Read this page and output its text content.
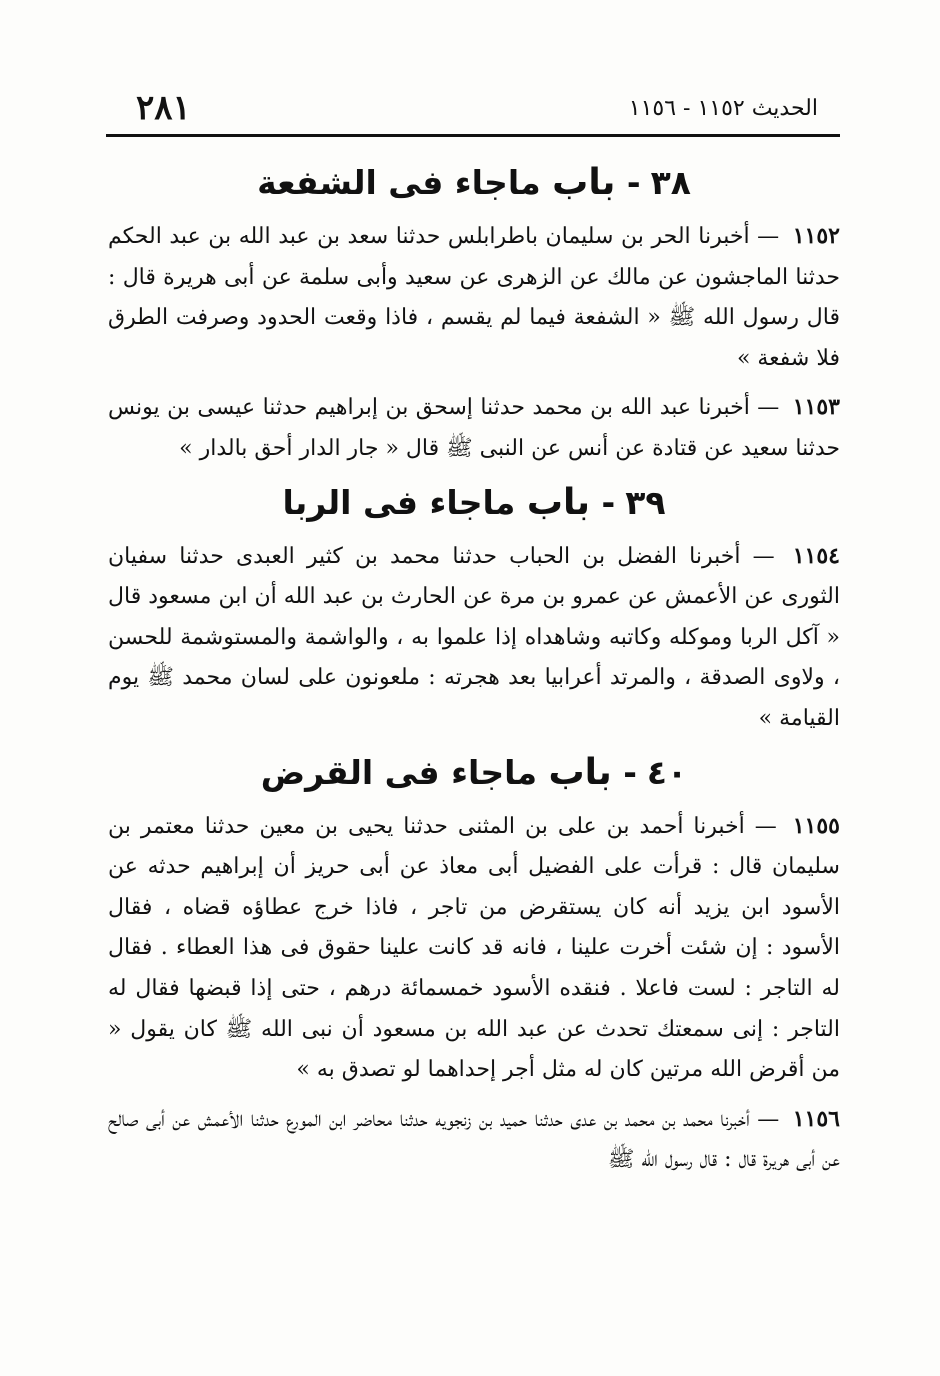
٢٨١	الحديث ١١٥٢ - ١١٥٦
٣٨- باب ماجاء فى الشفعة

١١٥٢ — أخبرنا الحر بن سليمان باطرابلس حدثنا سعد بن عبد الله بن عبد الحكم حدثنا الماجشون عن مالك عن الزهرى عن سعيد وأبى سلمة عن أبى هريرة قال : قال رسول الله ﷺ « الشفعة فيما لم يقسم ، فاذا وقعت الحدود وصرفت الطرق فلا شفعة »

١١٥٣ — أخبرنا عبد الله بن محمد حدثنا إسحق بن إبراهيم حدثنا عيسى بن يونس حدثنا سعيد عن قتادة عن أنس عن النبى ﷺ قال « جار الدار أحق بالدار »

٣٩- باب ماجاء فى الربا

١١٥٤ — أخبرنا الفضل بن الحباب حدثنا محمد بن كثير العبدى حدثنا سفيان الثورى عن الأعمش عن عمرو بن مرة عن الحارث بن عبد الله أن ابن مسعود قال « آكل الربا وموكله وكاتبه وشاهداه إذا علموا به ، والواشمة والمستوشمة للحسن ، ولاوى الصدقة ، والمرتد أعرابيا بعد هجرته : ملعونون على لسان محمد ﷺ يوم القيامة »

٤٠- باب ماجاء فى القرض

١١٥٥ — أخبرنا أحمد بن على بن المثنى حدثنا يحيى بن معين حدثنا معتمر بن سليمان قال : قرأت على الفضيل أبى معاذ عن أبى حريز أن إبراهيم حدثه عن الأسود ابن يزيد أنه كان يستقرض من تاجر ، فاذا خرج عطاؤه قضاه ، فقال الأسود : إن شئت أخرت علينا ، فانه قد كانت علينا حقوق فى هذا العطاء . فقال له التاجر : لست فاعلا . فنقده الأسود خمسمائة درهم ، حتى إذا قبضها فقال له التاجر : إنى سمعتك تحدث عن عبد الله بن مسعود أن نبى الله ﷺ كان يقول « من أقرض الله مرتين كان له مثل أجر إحداهما لو تصدق به »

١١٥٦ — أخبرنا محمد بن محمد بن عدى حدثنا حميد بن زنجويه حدثنا محاضر ابن المورع حدثنا الأعمش عن أبى صالح عن أبى هريرة قال : قال رسول الله ﷺ
